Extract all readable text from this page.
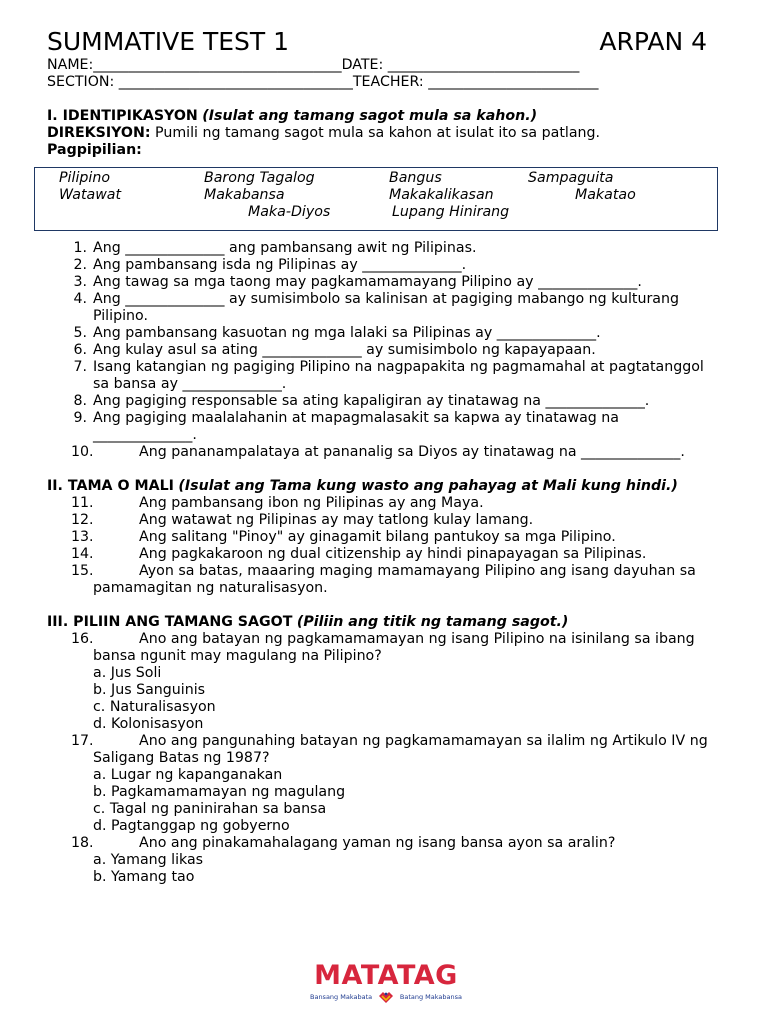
SUMMATIVE TEST 1	ARPAN 4
NAME:___________________________________DATE: ___________________________
SECTION: _________________________________TEACHER: ________________________
I. IDENTIPIKASYON (Isulat ang tamang sagot mula sa kahon.)
DIREKSIYON: Pumili ng tamang sagot mula sa kahon at isulat ito sa patlang.
Pagpipilian:
Pilipino	Barong Tagalog	Bangus	Sampaguita
Watawat	Makabansa	Makakalikasan	Makatao
Maka-Diyos	Lupang Hinirang
1. Ang ______________ ang pambansang awit ng Pilipinas.
2. Ang pambansang isda ng Pilipinas ay ______________.
3. Ang tawag sa mga taong may pagkamamamayang Pilipino ay ______________.
4. Ang ______________ ay sumisimbolo sa kalinisan at pagiging mabango ng kulturang Pilipino.
5. Ang pambansang kasuotan ng mga lalaki sa Pilipinas ay ______________.
6. Ang kulay asul sa ating ______________ ay sumisimbolo ng kapayapaan.
7. Isang katangian ng pagiging Pilipino na nagpapakita ng pagmamahal at pagtatanggol sa bansa ay ______________.
8. Ang pagiging responsable sa ating kapaligiran ay tinatawag na ______________.
9. Ang pagiging maalalahanin at mapagmalasakit sa kapwa ay tinatawag na ______________.
10.	Ang pananampalataya at pananalig sa Diyos ay tinatawag na ______________.
II. TAMA O MALI (Isulat ang Tama kung wasto ang pahayag at Mali kung hindi.)
11.	Ang pambansang ibon ng Pilipinas ay ang Maya.
12.	Ang watawat ng Pilipinas ay may tatlong kulay lamang.
13.	Ang salitang "Pinoy" ay ginagamit bilang pantukoy sa mga Pilipino.
14.	Ang pagkakaroon ng dual citizenship ay hindi pinapayagan sa Pilipinas.
15.	Ayon sa batas, maaaring maging mamamayang Pilipino ang isang dayuhan sa pamamagitan ng naturalisasyon.
III. PILIIN ANG TAMANG SAGOT (Piliin ang titik ng tamang sagot.)
16.	Ano ang batayan ng pagkamamamayan ng isang Pilipino na isinilang sa ibang bansa ngunit may magulang na Pilipino?
a. Jus Soli
b. Jus Sanguinis
c. Naturalisasyon
d. Kolonisasyon
17.	Ano ang pangunahing batayan ng pagkamamamayan sa ilalim ng Artikulo IV ng Saligang Batas ng 1987?
a. Lugar ng kapanganakan
b. Pagkamamamayan ng magulang
c. Tagal ng paninirahan sa bansa
d. Pagtanggap ng gobyerno
18.	Ano ang pinakamahalagang yaman ng isang bansa ayon sa aralin?
a. Yamang likas
b. Yamang tao
MATATAG
Bansang Makabata	Batang Makabansa
